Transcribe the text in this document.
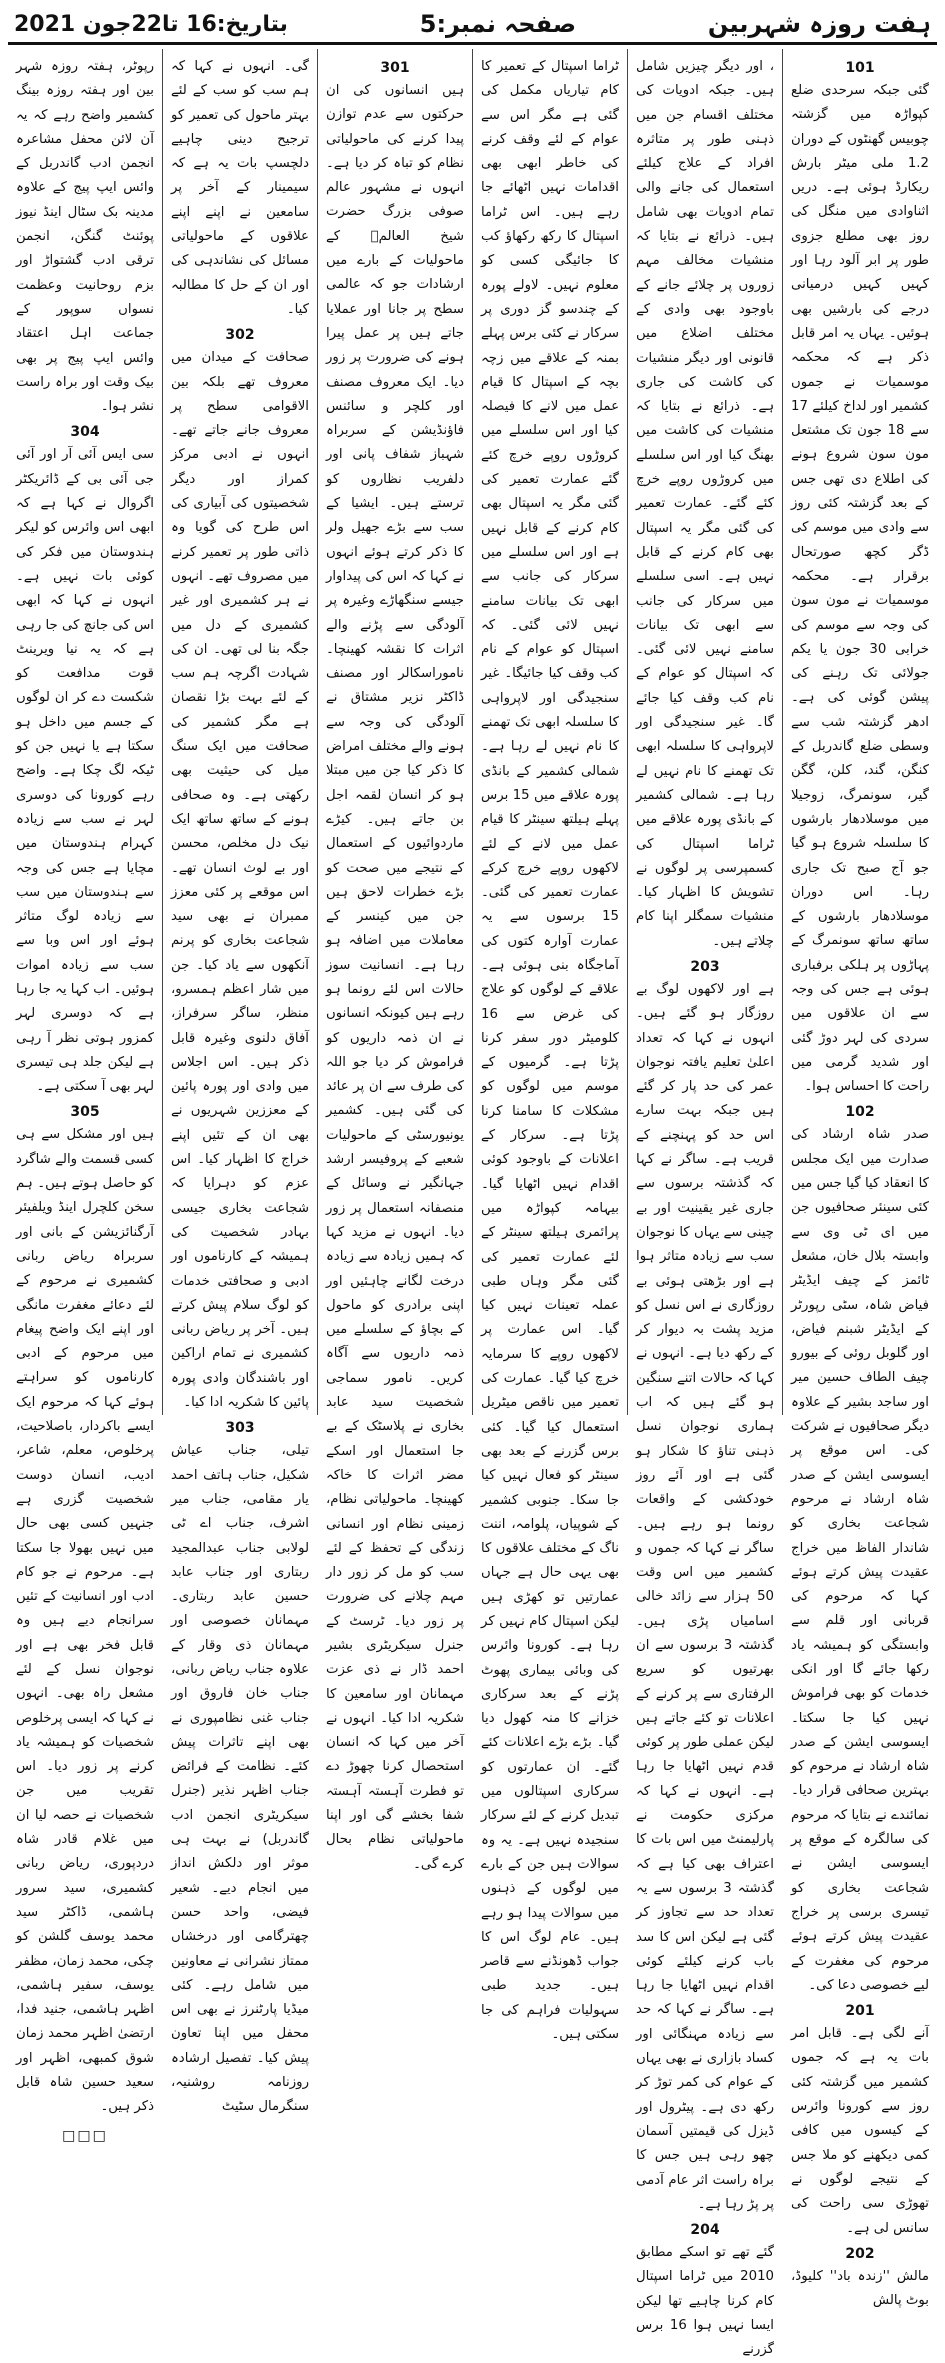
ہفت روزہ شہربین
صفحہ نمبر:5
بتاریخ:16 تا22جون 2021
101

گئی جبکہ سرحدی ضلع کپواڑہ میں گزشتہ چوبیس گھنٹوں کے دوران 1.2 ملی میٹر بارش ریکارڈ ہوئی ہے۔ دریں اثناوادی میں منگل کی روز بھی مطلع جزوی طور پر ابر آلود رہا اور کہیں کہیں درمیانی درجے کی بارشیں بھی ہوئیں۔ یہاں یہ امر قابل ذکر ہے کہ محکمہ موسمیات نے جموں کشمیر اور لداخ کیلئے 17 سے 18 جون تک مشتعل مون سون شروع ہونے کی اطلاع دی تھی جس کے بعد گزشتہ کئی روز سے وادی میں موسم کی ڈگر کچھ صورتحال برقرار ہے۔ محکمہ موسمیات نے مون سون کی وجہ سے موسم کی خرابی 30 جون یا یکم جولائی تک رہنے کی پیشن گوئی کی ہے۔ ادھر گزشتہ شب سے وسطی ضلع گاندربل کے کنگن، گند، کلن، گگن گیر، سونمرگ، زوجیلا میں موسلادھار بارشوں کا سلسلہ شروع ہو گیا جو آج صبح تک جاری رہا۔ اس دوران موسلادھار بارشوں کے ساتھ ساتھ سونمرگ کے پہاڑوں پر ہلکی برفباری ہوئی ہے جس کی وجہ سے ان علاقوں میں سردی کی لہر دوڑ گئی اور شدید گرمی میں راحت کا احساس ہوا۔

102

صدر شاہ ارشاد کی صدارت میں ایک مجلس کا انعقاد کیا گیا جس میں کئی سینئر صحافیوں جن میں ای ٹی وی سے وابستہ بلال خان، مشعل ٹائمز کے چیف ایڈیٹر فیاض شاہ، سٹی رپورٹر کے ایڈیٹر شبنم فیاض، اور گلوبل روئی کے بیورو چیف الطاف حسین میر اور ساجد بشیر کے علاوہ دیگر صحافیوں نے شرکت کی۔ اس موقع پر ایسوسی ایشن کے صدر شاہ ارشاد نے مرحوم شجاعت بخاری کو شاندار الفاظ میں خراج عقیدت پیش کرتے ہوئے کہا کہ مرحوم کی قربانی اور قلم سے وابستگی کو ہمیشہ یاد رکھا جائے گا اور انکی خدمات کو بھی فراموش نہیں کیا جا سکتا۔ ایسوسی ایشن کے صدر شاہ ارشاد نے مرحوم کو بہترین صحافی قرار دیا۔ نمائندے نے بتایا کہ مرحوم کی سالگرہ کے موقع پر ایسوسی ایشن نے شجاعت بخاری کو تیسری برسی پر خراج عقیدت پیش کرتے ہوئے مرحوم کی مغفرت کے لیے خصوصی دعا کی۔

201

آنے لگی ہے۔ قابل امر بات یہ ہے کہ جموں کشمیر میں گزشتہ کئی روز سے کورونا وائرس کے کیسوں میں کافی کمی دیکھنے کو ملا جس کے نتیجے لوگوں نے تھوڑی سی راحت کی سانس لی ہے۔

202

مالش ''زندہ باد'' کلیوڈ، بوٹ پالش

، اور دیگر چیزیں شامل ہیں۔ جبکہ ادویات کی مختلف اقسام جن میں ذہنی طور پر متاثرہ افراد کے علاج کیلئے استعمال کی جانے والی تمام ادویات بھی شامل ہیں۔ ذرائع نے بتایا کہ منشیات مخالف مہم زوروں پر چلائے جانے کے باوجود بھی وادی کے مختلف اضلاع میں قانونی اور دیگر منشیات کی کاشت کی جاری ہے۔ ذرائع نے بتایا کہ منشیات کی کاشت میں بھنگ کیا اور اس سلسلے میں کروڑوں روپے خرچ کئے گئے۔ عمارت تعمیر کی گئی مگر یہ اسپتال بھی کام کرنے کے قابل نہیں ہے۔ اسی سلسلے میں سرکار کی جانب سے ابھی تک بیانات سامنے نہیں لائی گئی۔ کہ اسپتال کو عوام کے نام کب وقف کیا جائے گا۔ غیر سنجیدگی اور لاپرواہی کا سلسلہ ابھی تک تھمنے کا نام نہیں لے رہا ہے۔ شمالی کشمیر کے بانڈی پورہ علاقے میں ٹراما اسپتال کی کسمپرسی پر لوگوں نے تشویش کا اظہار کیا۔ منشیات سمگلر اپنا کام چلاتے ہیں۔

203

ہے اور لاکھوں لوگ بے روزگار ہو گئے ہیں۔ انہوں نے کہا کہ تعداد اعلیٰ تعلیم یافتہ نوجوان عمر کی حد پار کر گئے ہیں جبکہ بہت سارے اس حد کو پہنچنے کے قریب ہے۔ ساگر نے کہا کہ گذشتہ برسوں سے جاری غیر یقینیت اور بے چینی سے یہاں کا نوجوان سب سے زیادہ متاثر ہوا ہے اور بڑھتی ہوئی بے روزگاری نے اس نسل کو مزید پشت بہ دیوار کر کے رکھ دیا ہے۔ انہوں نے کہا کہ حالات اتنے سنگین ہو گئے ہیں کہ اب ہماری نوجوان نسل ذہنی تناؤ کا شکار ہو گئی ہے اور آئے روز خودکشی کے واقعات رونما ہو رہے ہیں۔ ساگر نے کہا کہ جموں و کشمیر میں اس وقت 50 ہزار سے زائد خالی اسامیاں پڑی ہیں۔ گذشتہ 3 برسوں سے ان بھرتیوں کو سریع الرفتاری سے پر کرنے کے اعلانات تو کئے جاتے ہیں لیکن عملی طور پر کوئی قدم نہیں اٹھایا جا رہا ہے۔ انہوں نے کہا کہ مرکزی حکومت نے پارلیمنٹ میں اس بات کا اعتراف بھی کیا ہے کہ گذشتہ 3 برسوں سے یہ تعداد حد سے تجاوز کر گئی ہے لیکن اس کا سد باب کرنے کیلئے کوئی اقدام نہیں اٹھایا جا رہا ہے۔ ساگر نے کہا کہ حد سے زیادہ مہنگائی اور کساد بازاری نے بھی یہاں کے عوام کی کمر توڑ کر رکھ دی ہے۔ پیٹرول اور ڈیزل کی قیمتیں آسمان چھو رہی ہیں جس کا براہ راست اثر عام آدمی پر پڑ رہا ہے۔

204

گئے تھے تو اسکے مطابق 2010 میں ٹراما اسپتال کام کرنا چاہیے تھا لیکن ایسا نہیں ہوا 16 برس گزرنے

ٹراما اسپتال کے تعمیر کا کام تیاریاں مکمل کی گئی ہے مگر اس سے عوام کے لئے وقف کرنے کی خاطر ابھی بھی اقدامات نہیں اٹھائے جا رہے ہیں۔ اس ٹراما اسپتال کا رکھ رکھاؤ کب کا جائیگی کسی کو معلوم نہیں۔ لاولے پورہ کے چندسو گز دوری پر سرکار نے کئی برس پہلے بمنہ کے علاقے میں زچہ بچہ کے اسپتال کا قیام عمل میں لانے کا فیصلہ کیا اور اس سلسلے میں کروڑوں روپے خرچ کئے گئے عمارت تعمیر کی گئی مگر یہ اسپتال بھی کام کرنے کے قابل نہیں ہے اور اس سلسلے میں سرکار کی جانب سے ابھی تک بیانات سامنے نہیں لائی گئی۔ کہ اسپتال کو عوام کے نام کب وقف کیا جائیگا۔ غیر سنجیدگی اور لاپرواہی کا سلسلہ ابھی تک تھمنے کا نام نہیں لے رہا ہے۔ شمالی کشمیر کے بانڈی پورہ علاقے میں 15 برس پہلے ہیلتھ سینٹر کا قیام عمل میں لانے کے لئے لاکھوں روپے خرچ کرکے عمارت تعمیر کی گئی۔ 15 برسوں سے یہ عمارت آوارہ کتوں کی آماجگاہ بنی ہوئی ہے۔ علاقے کے لوگوں کو علاج کی غرض سے 16 کلومیٹر دور سفر کرنا پڑتا ہے۔ گرمیوں کے موسم میں لوگوں کو مشکلات کا سامنا کرنا پڑتا ہے۔ سرکار کے اعلانات کے باوجود کوئی اقدام نہیں اٹھایا گیا۔ بیہامہ کپواڑہ میں پرائمری ہیلتھ سینٹر کے لئے عمارت تعمیر کی گئی مگر وہاں طبی عملہ تعینات نہیں کیا گیا۔ اس عمارت پر لاکھوں روپے کا سرمایہ خرچ کیا گیا۔ عمارت کی تعمیر میں ناقص میٹریل استعمال کیا گیا۔ کئی برس گزرنے کے بعد بھی سینٹر کو فعال نہیں کیا جا سکا۔ جنوبی کشمیر کے شوپیاں، پلوامہ، اننت ناگ کے مختلف علاقوں کا بھی یہی حال ہے جہاں عمارتیں تو کھڑی ہیں لیکن اسپتال کام نہیں کر رہا ہے۔ کورونا وائرس کی وبائی بیماری پھوٹ پڑنے کے بعد سرکاری خزانے کا منہ کھول دیا گیا۔ بڑے بڑے اعلانات کئے گئے۔ ان عمارتوں کو سرکاری اسپتالوں میں تبدیل کرنے کے لئے سرکار سنجیدہ نہیں ہے۔ یہ وہ سوالات ہیں جن کے بارے میں لوگوں کے ذہنوں میں سوالات پیدا ہو رہے ہیں۔ عام لوگ اس کا جواب ڈھونڈنے سے قاصر ہیں۔ جدید طبی سہولیات فراہم کی جا سکتی ہیں۔

301

ہیں انسانوں کی ان حرکتوں سے عدم توازن پیدا کرنے کی ماحولیاتی نظام کو تباہ کر دیا ہے۔ انہوں نے مشہور عالم صوفی بزرگ حضرت شیخ العالمؒ کے ماحولیات کے بارے میں ارشادات جو کہ عالمی سطح پر جانا اور عملایا جاتے ہیں پر عمل پیرا ہونے کی ضرورت پر زور دیا۔ ایک معروف مصنف اور کلچر و سائنس فاؤنڈیشن کے سربراہ شہباز شفاف پانی اور دلفریب نظاروں کو ترستے ہیں۔ ایشیا کے سب سے بڑے جھیل ولر کا ذکر کرتے ہوئے انہوں نے کہا کہ اس کی پیداوار جیسے سنگھاڑے وغیرہ پر آلودگی سے پڑنے والے اثرات کا نقشہ کھینچا۔ ناموراسکالر اور مصنف ڈاکٹر نزیر مشتاق نے آلودگی کی وجہ سے ہونے والے مختلف امراض کا ذکر کیا جن میں مبتلا ہو کر انسان لقمہ اجل بن جاتے ہیں۔ کیڑے ماردوائیوں کے استعمال کے نتیجے میں صحت کو بڑے خطرات لاحق ہیں جن میں کینسر کے معاملات میں اضافہ ہو رہا ہے۔ انسانیت سوز حالات اس لئے رونما ہو رہے ہیں کیونکہ انسانوں نے ان ذمہ داریوں کو فراموش کر دیا جو اللہ کی طرف سے ان پر عائد کی گئی ہیں۔ کشمیر یونیورسٹی کے ماحولیات شعبے کے پروفیسر ارشد جہانگیر نے وسائل کے منصفانہ استعمال پر زور دیا۔ انہوں نے مزید کہا کہ ہمیں زیادہ سے زیادہ درخت لگانے چاہئیں اور اپنی برادری کو ماحول کے بچاؤ کے سلسلے میں ذمہ داریوں سے آگاہ کریں۔ نامور سماجی شخصیت سید عابد بخاری نے پلاسٹک کے بے جا استعمال اور اسکے مضر اثرات کا خاکہ کھینچا۔ ماحولیاتی نظام، زمینی نظام اور انسانی زندگی کے تحفظ کے لئے سب کو مل کر زور دار مہم چلانے کی ضرورت پر زور دیا۔ ٹرسٹ کے جنرل سیکریٹری بشیر احمد ڈار نے ذی عزت مہمانان اور سامعین کا شکریہ ادا کیا۔ انہوں نے آخر میں کہا کہ انسان استحصال کرنا چھوڑ دے تو فطرت آہستہ آہستہ شفا بخشے گی اور اپنا ماحولیاتی نظام بحال کرے گی۔

گی۔ انہوں نے کہا کہ ہم سب کو سب کے لئے بہتر ماحول کی تعمیر کو ترجیح دینی چاہیے دلچسپ بات یہ ہے کہ سیمینار کے آخر پر سامعین نے اپنے اپنے علاقوں کے ماحولیاتی مسائل کی نشاندہی کی اور ان کے حل کا مطالبہ کیا۔

302

صحافت کے میدان میں معروف تھے بلکہ بین الاقوامی سطح پر معروف جانے جاتے تھے۔ انہوں نے ادبی مرکز کمراز اور دیگر شخصیتوں کی آبیاری کی اس طرح کی گویا وہ ذاتی طور پر تعمیر کرنے میں مصروف تھے۔ انہوں نے ہر کشمیری اور غیر کشمیری کے دل میں جگہ بنا لی تھی۔ ان کی شہادت اگرچہ ہم سب کے لئے بہت بڑا نقصان ہے مگر کشمیر کی صحافت میں ایک سنگ میل کی حیثیت بھی رکھتی ہے۔ وہ صحافی ہونے کے ساتھ ساتھ ایک نیک دل مخلص، محسن اور بے لوث انسان تھے۔ اس موقعے پر کئی معزز ممبران نے بھی سید شجاعت بخاری کو پرنم آنکھوں سے یاد کیا۔ جن میں شار اعظم ہمسرو، منظر، ساگر سرفراز، آفاق دلنوی وغیرہ قابل ذکر ہیں۔ اس اجلاس میں وادی اور پورہ پائین کے معززین شہریوں نے بھی ان کے تئیں اپنے خراج کا اظہار کیا۔ اس عزم کو دہرایا کہ شجاعت بخاری جیسی بہادر شخصیت کی ہمیشہ کے کارناموں اور ادبی و صحافتی خدمات کو لوگ سلام پیش کرتے ہیں۔ آخر پر ریاض ربانی کشمیری نے تمام اراکین اور باشندگان وادی پورہ پائین کا شکریہ ادا کیا۔

303

تیلی، جناب عیاش شکیل، جناب ہاتف احمد یار مقامی، جناب میر اشرف، جناب اے ٹی لولابی جناب عبدالمجید ربتاری اور جناب عابد حسین عابد ربتاری۔ مہمانان خصوصی اور مہمانان ذی وقار کے علاوہ جناب ریاض ربانی، جناب خان فاروق اور جناب غنی نظامپوری نے بھی اپنے تاثرات پیش کئے۔ نظامت کے فرائض جناب اظہر نذیر (جنرل سیکریٹری انجمن ادب گاندربل) نے بہت ہی موثر اور دلکش انداز میں انجام دیے۔ شعیر فیضی، واحد حسن چھترگامی اور درخشاں ممتاز نشرانی نے معاونین میں شامل رہے۔ کئی میڈیا پارٹنرز نے بھی اس محفل میں اپنا تعاون پیش کیا۔ تفصیل ارشادہ روزنامہ روشنیہ، سنگرمال سٹیٹ

رپوٹر، ہفتہ روزہ شہر بین اور ہفتہ روزہ بینگ کشمیر واضح رہے کہ یہ آن لائن محفل مشاعرہ انجمن ادب گاندربل کے وائس ایپ پیج کے علاوہ مدینہ بک سٹال اینڈ نیوز پوئنٹ گنگن، انجمن ترقی ادب گشتواڑ اور بزم روحانیت وعظمت نسواں سوپور کے جماعت اہل اعتقاد وائس ایپ پیج پر بھی بیک وقت اور براہ راست نشر ہوا۔

304

سی ایس آئی آر اور آئی جی آئی بی کے ڈائریکٹر اگروال نے کہا ہے کہ ابھی اس وائرس کو لیکر ہندوستان میں فکر کی کوئی بات نہیں ہے۔ انہوں نے کہا کہ ابھی اس کی جانچ کی جا رہی ہے کہ یہ نیا ویرینٹ قوت مدافعت کو شکست دے کر ان لوگوں کے جسم میں داخل ہو سکتا ہے یا نہیں جن کو ٹیکہ لگ چکا ہے۔ واضح رہے کورونا کی دوسری لہر نے سب سے زیادہ کہرام ہندوستان میں مچایا ہے جس کی وجہ سے ہندوستان میں سب سے زیادہ لوگ متاثر ہوئے اور اس وبا سے سب سے زیادہ اموات ہوئیں۔ اب کہا یہ جا رہا ہے کہ دوسری لہر کمزور ہوتی نظر آ رہی ہے لیکن جلد ہی تیسری لہر بھی آ سکتی ہے۔

305

ہیں اور مشکل سے ہی کسی قسمت والے شاگرد کو حاصل ہوتے ہیں۔ ہم سخن کلچرل اینڈ ویلفیئر آرگنائزیشن کے بانی اور سربراہ ریاض ربانی کشمیری نے مرحوم کے لئے دعائے مغفرت مانگی اور اپنے ایک واضح پیغام میں مرحوم کے ادبی کارناموں کو سراہتے ہوئے کہا کہ مرحوم ایک ایسے باکردار، باصلاحیت، پرخلوص، معلم، شاعر، ادیب، انسان دوست شخصیت گزری ہے جنہیں کسی بھی حال میں نہیں بھولا جا سکتا ہے۔ مرحوم نے جو کام ادب اور انسانیت کے تئیں سرانجام دیے ہیں وہ قابل فخر بھی ہے اور نوجوان نسل کے لئے مشعل راہ بھی۔ انہوں نے کہا کہ ایسی پرخلوص شخصیات کو ہمیشہ یاد کرنے پر زور دیا۔ اس تقریب میں جن شخصیات نے حصہ لیا ان میں غلام قادر شاہ دردپوری، ریاض ربانی کشمیری، سید سرور ہاشمی، ڈاکٹر سید محمد یوسف گلشن کو چکی، محمد زمان، مظفر یوسف، سفیر ہاشمی، اظہر ہاشمی، جنید فدا، ارتضیٰ اظہر محمد زمان شوق کمبھی، اظہر اور سعید حسین شاہ قابل ذکر ہیں۔

□□□
